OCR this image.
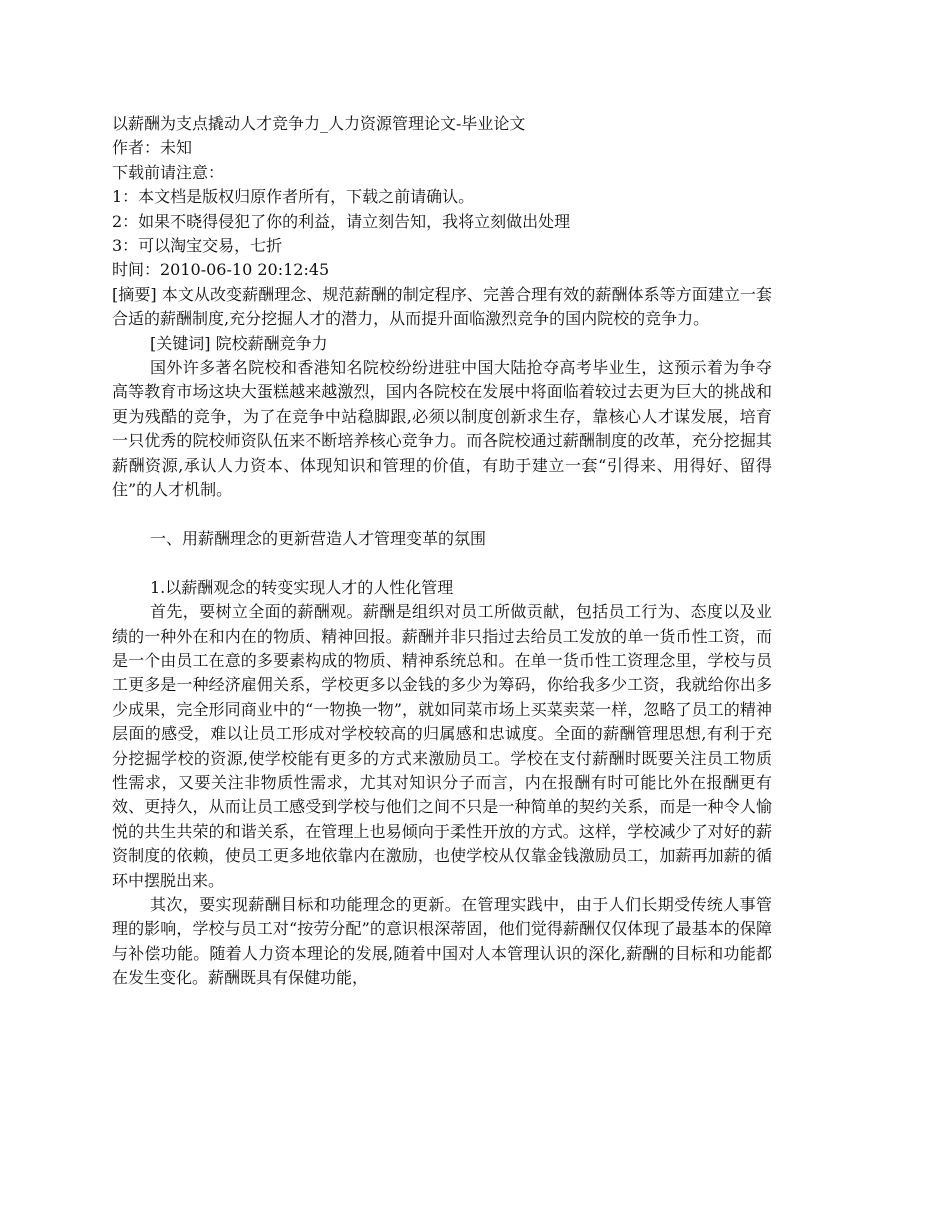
以薪酬为支点撬动人才竞争力_人力资源管理论文-毕业论文

作者：未知

下载前请注意：

1：本文档是版权归原作者所有，下载之前请确认。

2：如果不晓得侵犯了你的利益，请立刻告知，我将立刻做出处理

3：可以淘宝交易，七折

时间：2010-06-10 20:12:45

[摘要] 本文从改变薪酬理念、规范薪酬的制定程序、完善合理有效的薪酬体系等方面建立一套合适的薪酬制度,充分挖掘人才的潜力，从而提升面临激烈竞争的国内院校的竞争力。

[关键词] 院校薪酬竞争力

国外许多著名院校和香港知名院校纷纷进驻中国大陆抢夺高考毕业生，这预示着为争夺高等教育市场这块大蛋糕越来越激烈，国内各院校在发展中将面临着较过去更为巨大的挑战和更为残酷的竞争，为了在竞争中站稳脚跟,必须以制度创新求生存，靠核心人才谋发展，培育一只优秀的院校师资队伍来不断培养核心竞争力。而各院校通过薪酬制度的改革，充分挖掘其薪酬资源,承认人力资本、体现知识和管理的价值，有助于建立一套“引得来、用得好、留得住”的人才机制。

一、用薪酬理念的更新营造人才管理变革的氛围

1.以薪酬观念的转变实现人才的人性化管理

首先，要树立全面的薪酬观。薪酬是组织对员工所做贡献，包括员工行为、态度以及业绩的一种外在和内在的物质、精神回报。薪酬并非只指过去给员工发放的单一货币性工资，而是一个由员工在意的多要素构成的物质、精神系统总和。在单一货币性工资理念里，学校与员工更多是一种经济雇佣关系，学校更多以金钱的多少为筹码，你给我多少工资，我就给你出多少成果，完全形同商业中的“一物换一物”，就如同菜市场上买菜卖菜一样，忽略了员工的精神层面的感受，难以让员工形成对学校较高的归属感和忠诚度。全面的薪酬管理思想,有利于充分挖掘学校的资源,使学校能有更多的方式来激励员工。学校在支付薪酬时既要关注员工物质性需求，又要关注非物质性需求，尤其对知识分子而言，内在报酬有时可能比外在报酬更有效、更持久，从而让员工感受到学校与他们之间不只是一种简单的契约关系，而是一种令人愉悦的共生共荣的和谐关系，在管理上也易倾向于柔性开放的方式。这样，学校减少了对好的薪资制度的依赖，使员工更多地依靠内在激励，也使学校从仅靠金钱激励员工，加薪再加薪的循环中摆脱出来。

其次，要实现薪酬目标和功能理念的更新。在管理实践中，由于人们长期受传统人事管理的影响，学校与员工对“按劳分配”的意识根深蒂固，他们觉得薪酬仅仅体现了最基本的保障与补偿功能。随着人力资本理论的发展,随着中国对人本管理认识的深化,薪酬的目标和功能都在发生变化。薪酬既具有保健功能，
